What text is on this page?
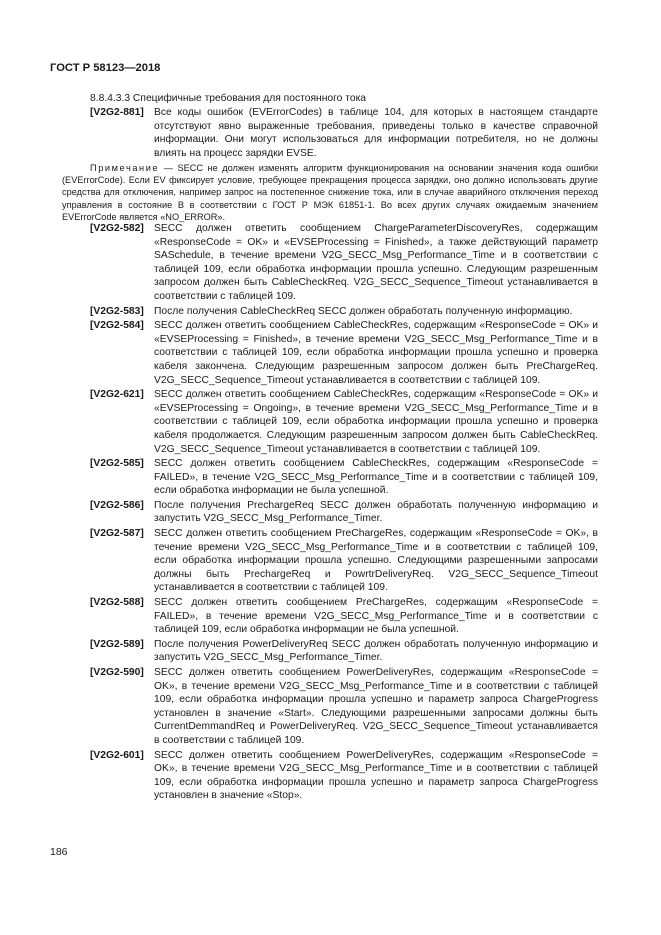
ГОСТ Р 58123—2018
8.8.4.3.3 Специфичные требования для постоянного тока
[V2G2-881] Все коды ошибок (EVErrorCodes) в таблице 104, для которых в настоящем стандарте отсутствуют явно выраженные требования, приведены только в качестве справочной информации. Они могут использоваться для информации потребителя, но не должны влиять на процесс зарядки EVSE.
Примечание — SECC не должен изменять алгоритм функционирования на основании значения кода ошибки (EVErrorCode). Если EV фиксирует условие, требующее прекращения процесса зарядки, оно должно использовать другие средства для отключения, например запрос на постепенное снижение тока, или в случае аварийного отключения переход управления в состояние В в соответствии с ГОСТ Р МЭК 61851-1. Во всех других случаях ожидаемым значением EVErrorCode является «NO_ERROR».
[V2G2-582] SECC должен ответить сообщением ChargeParameterDiscoveryRes, содержащим «ResponseCode = OK» и «EVSEProcessing = Finished», а также действующий параметр SASchedule, в течение времени V2G_SECC_Msg_Performance_Time и в соответствии с таблицей 109, если обработка информации прошла успешно. Следующим разрешенным запросом должен быть CableCheckReq. V2G_SECC_Sequence_Timeout устанавливается в соответствии с таблицей 109.
[V2G2-583] После получения CableCheckReq SECC должен обработать полученную информацию.
[V2G2-584] SECC должен ответить сообщением CableCheckRes, содержащим «ResponseCode = OK» и «EVSEProcessing = Finished», в течение времени V2G_SECC_Msg_Performance_Time и в соответствии с таблицей 109, если обработка информации прошла успешно и проверка кабеля закончена. Следующим разрешенным запросом должен быть PreChargeReq. V2G_SECC_Sequence_Timeout устанавливается в соответствии с таблицей 109.
[V2G2-621] SECC должен ответить сообщением CableCheckRes, содержащим «ResponseCode = OK» и «EVSEProcessing = Ongoing», в течение времени V2G_SECC_Msg_Performance_Time и в соответствии с таблицей 109, если обработка информации прошла успешно и проверка кабеля продолжается. Следующим разрешенным запросом должен быть CableCheckReq. V2G_SECC_Sequence_Timeout устанавливается в соответствии с таблицей 109.
[V2G2-585] SECC должен ответить сообщением CableCheckRes, содержащим «ResponseCode = FAILED», в течение V2G_SECC_Msg_Performance_Time и в соответствии с таблицей 109, если обработка информации не была успешной.
[V2G2-586] После получения PrechargeReq SECC должен обработать полученную информацию и запустить V2G_SECC_Msg_Performance_Timer.
[V2G2-587] SECC должен ответить сообщением PreChargeRes, содержащим «ResponseCode = OK», в течение времени V2G_SECC_Msg_Performance_Time и в соответствии с таблицей 109, если обработка информации прошла успешно. Следующими разрешенными запросами должны быть PrechargeReq и PowrtrDeliveryReq. V2G_SECC_Sequence_Timeout устанавливается в соответствии с таблицей 109.
[V2G2-588] SECC должен ответить сообщением PreChargeRes, содержащим «ResponseCode = FAILED», в течение времени V2G_SECC_Msg_Performance_Time и в соответствии с таблицей 109, если обработка информации не была успешной.
[V2G2-589] После получения PowerDeliveryReq SECC должен обработать полученную информацию и запустить V2G_SECC_Msg_Performance_Timer.
[V2G2-590] SECC должен ответить сообщением PowerDeliveryRes, содержащим «ResponseCode = OK», в течение времени V2G_SECC_Msg_Performance_Time и в соответствии с таблицей 109, если обработка информации прошла успешно и параметр запроса ChargeProgress установлен в значение «Start». Следующими разрешенными запросами должны быть CurrentDemmandReq и PowerDeliveryReq. V2G_SECC_Sequence_Timeout устанавливается в соответствии с таблицей 109.
[V2G2-601] SECC должен ответить сообщением PowerDeliveryRes, содержащим «ResponseCode = OK», в течение времени V2G_SECC_Msg_Performance_Time и в соответствии с таблицей 109, если обработка информации прошла успешно и параметр запроса ChargeProgress установлен в значение «Stop».
186
